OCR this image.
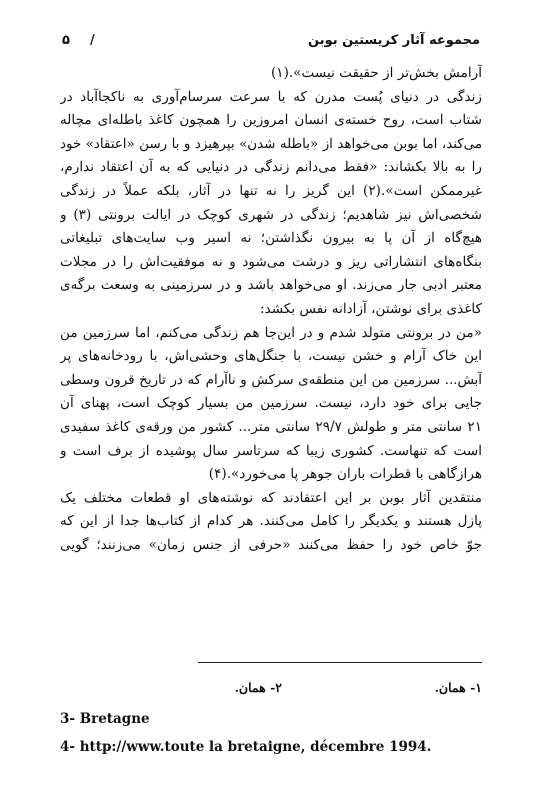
مجموعه آثار کریستین بوبن
/
۵
آرامش بخش‌تر از حقیقت نیست».(۱)
زندگی در دنیای پُست مدرن که با سرعت سرسام‌آوری به ناکجاآباد در
شتاب است، روح خسته‌ی انسان امروزین را همچون کاغذ باطله‌ای مچاله
می‌کند، اما بوبن می‌خواهد از «باطله شدن» بپرهیزد و با رسن «اعتقاد» خود
را به بالا بکشاند: «فقط می‌دانم زندگی در دنیایی که به آن اعتقاد ندارم،
غیرممکن است».(۲) این گریز را نه تنها در آثار، بلکه عملاً در زندگی
شخصی‌اش نیز شاهدیم؛ زندگی در شهری کوچک در ایالت برونتی (۳) و
هیچ‌گاه از آن پا به بیرون نگذاشتن؛ نه اسیر وب سایت‌های تبلیغاتی
بنگاه‌های انتشاراتی ریز و درشت می‌شود و نه موفقیت‌اش را در مجلات
معتبر ادبی جار می‌زند. او می‌خواهد باشد و در سرزمینی به وسعت برگه‌ی
کاغذی برای نوشتن، آزادانه نفس بکشد:
«من در برونتی متولد شدم و در این‌جا هم زندگی می‌کنم، اما سرزمین من
این خاک آرام و خشن نیست، با جنگل‌های وحشی‌اش، با رودخانه‌های پر
آبش... سرزمین من این منطقه‌ی سرکش و ناآرام که در تاریخ قرون وسطی
جایی برای خود دارد، نیست. سرزمین من بسیار کوچک است، پهنای آن
۲۱ سانتی متر و طولش ۲۹/۷ سانتی متر... کشور من ورقه‌ی کاغذ سفیدی
است که تنهاست. کشوری زیبا که سرتاسر سال پوشیده از برف است و
هرازگاهی با قطرات باران جوهر پا می‌خورد».(۴)
منتقدین آثار بوبن بر این اعتقادند که نوشته‌های او قطعات مختلف یک
پازل هستند و یکدیگر را کامل می‌کنند. هر کدام از کتاب‌ها جدا از این که
جوّ خاص خود را حفظ می‌کنند «حرفی از جنس زمان» می‌زنند؛ گویی
۱- همان.
۲- همان.
3- Bretagne
4- http://www.toute la bretaigne, décembre 1994.
